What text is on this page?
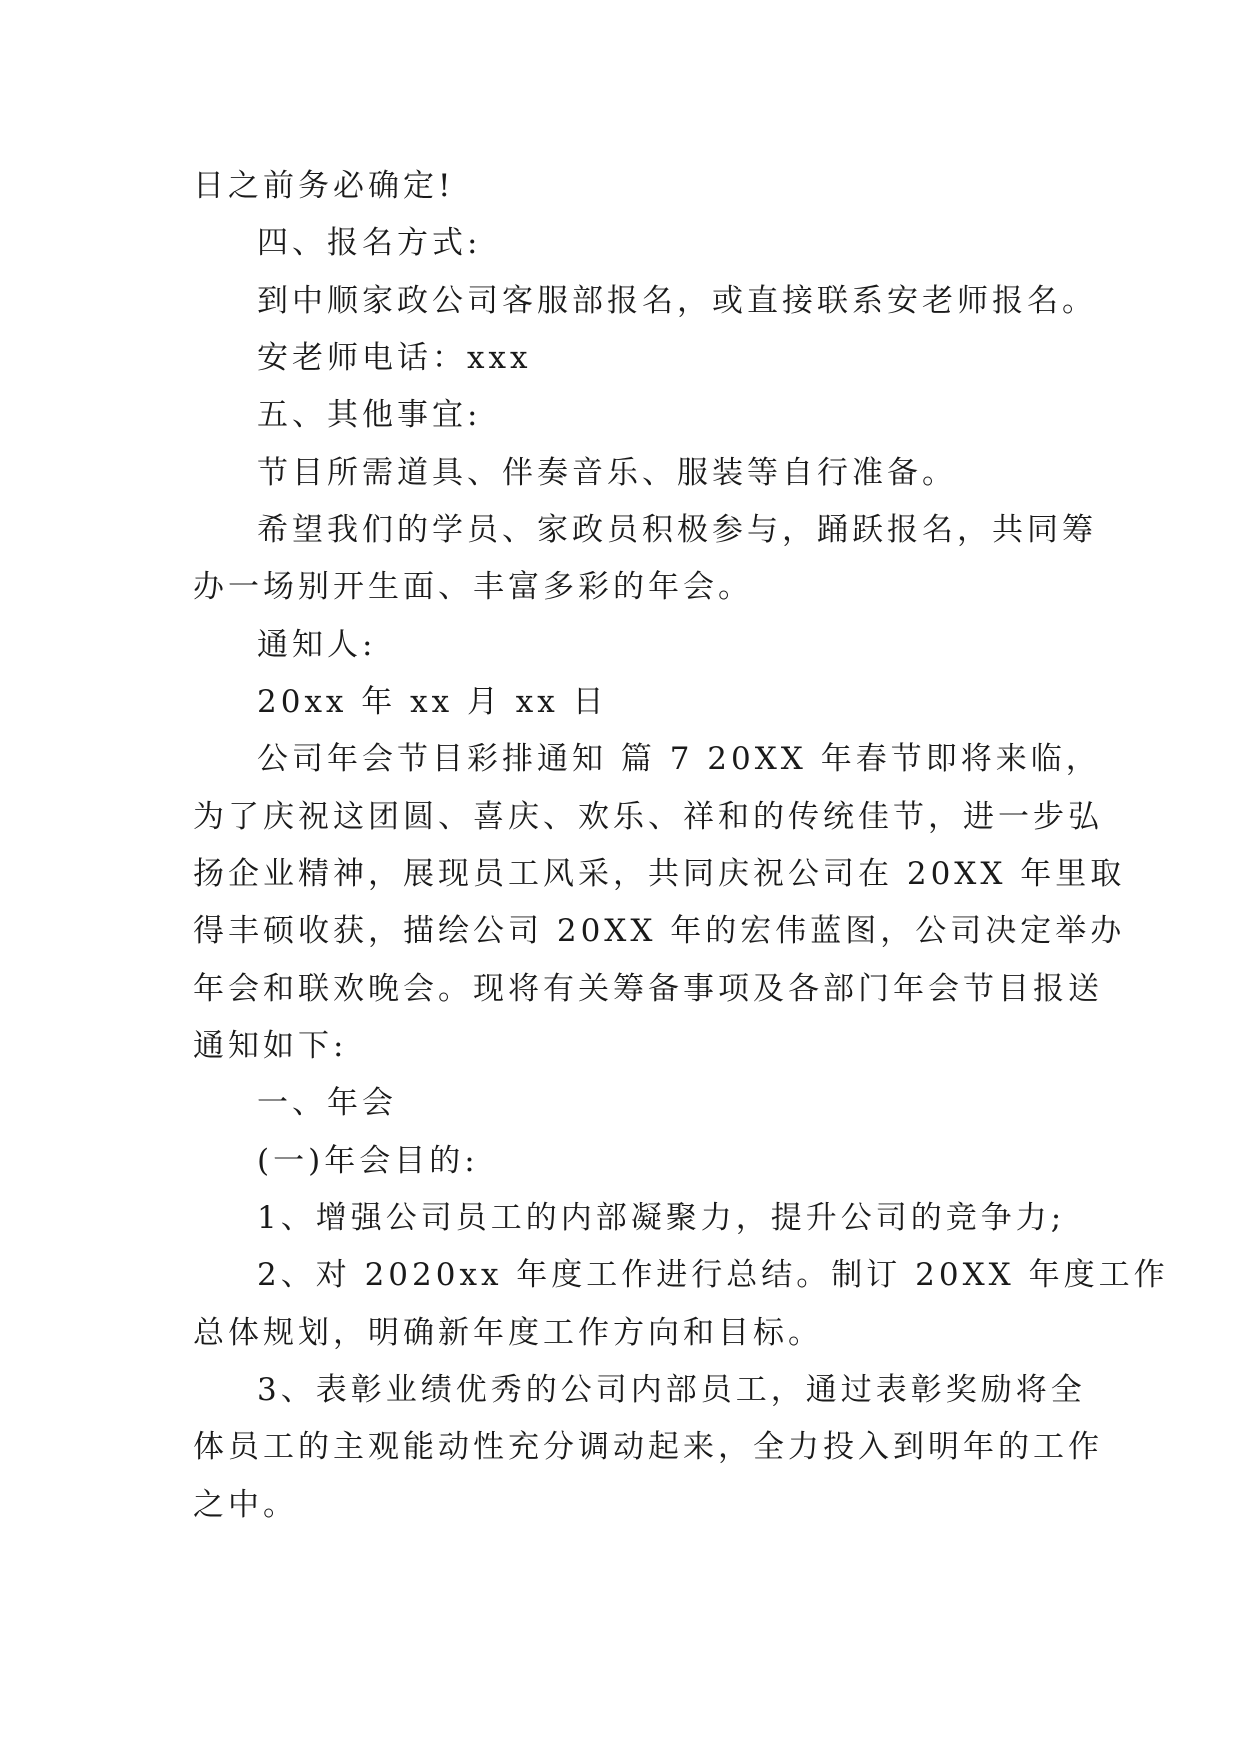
日之前务必确定!
四、报名方式:
到中顺家政公司客服部报名，或直接联系安老师报名。
安老师电话：xxx
五、其他事宜:
节目所需道具、伴奏音乐、服装等自行准备。
希望我们的学员、家政员积极参与，踊跃报名，共同筹
办一场别开生面、丰富多彩的年会。
通知人:
20xx 年 xx 月 xx 日
公司年会节目彩排通知 篇 7 20XX 年春节即将来临，
为了庆祝这团圆、喜庆、欢乐、祥和的传统佳节，进一步弘
扬企业精神，展现员工风采，共同庆祝公司在 20XX 年里取
得丰硕收获，描绘公司 20XX 年的宏伟蓝图，公司决定举办
年会和联欢晚会。现将有关筹备事项及各部门年会节目报送
通知如下:
一、年会
(一)年会目的:
1、增强公司员工的内部凝聚力，提升公司的竞争力;
2、对 2020xx 年度工作进行总结。制订 20XX 年度工作
总体规划，明确新年度工作方向和目标。
3、表彰业绩优秀的公司内部员工，通过表彰奖励将全
体员工的主观能动性充分调动起来，全力投入到明年的工作
之中。
